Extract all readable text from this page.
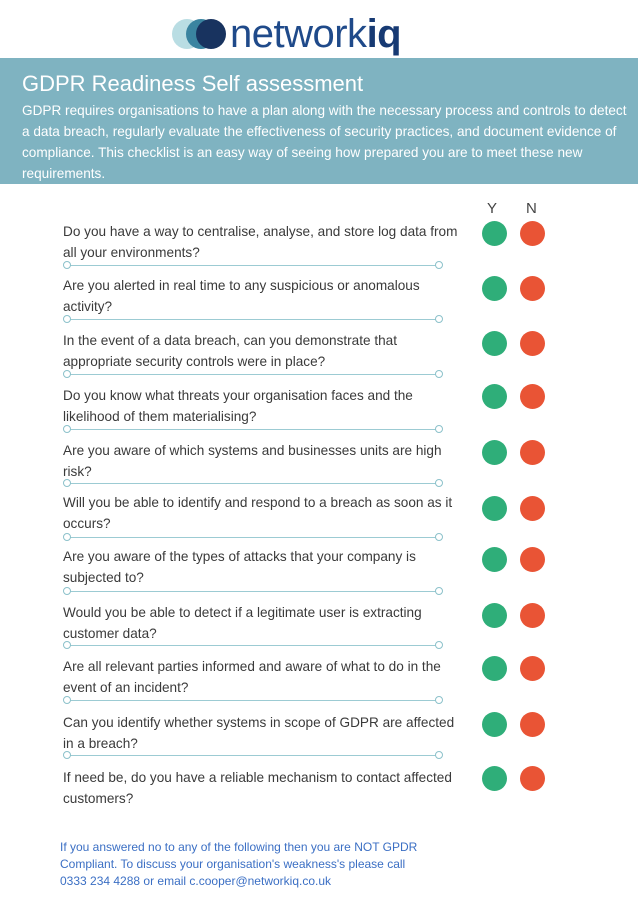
networkiq
GDPR Readiness Self assessment

GDPR requires organisations to have a plan along with the necessary process and controls to detect a data breach, regularly evaluate the effectiveness of security practices, and document evidence of compliance. This checklist is an easy way of seeing how prepared you are to meet these new requirements.

Y N
Do you have a way to centralise, analyse, and store log data from all your environments?
Are you alerted in real time to any suspicious or anomalous activity?
In the event of a data breach, can you demonstrate that appropriate security controls were in place?
Do you know what threats your organisation faces and the likelihood of them materialising?
Are you aware of which systems and businesses units are high risk?
Will you be able to identify and respond to a breach as soon as it occurs?
Are you aware of the types of attacks that your company is subjected to?
Would you be able to detect if a legitimate user is extracting customer data?
Are all relevant parties informed and aware of what to do in the event of an incident?
Can you identify whether systems in scope of GDPR are affected in a breach?
If need be, do you have a reliable mechanism to contact affected customers?
If you answered no to any of the following then you are NOT GPDR
Compliant. To discuss your organisation's weakness's please call
0333 234 4288 or email c.cooper@networkiq.co.uk
